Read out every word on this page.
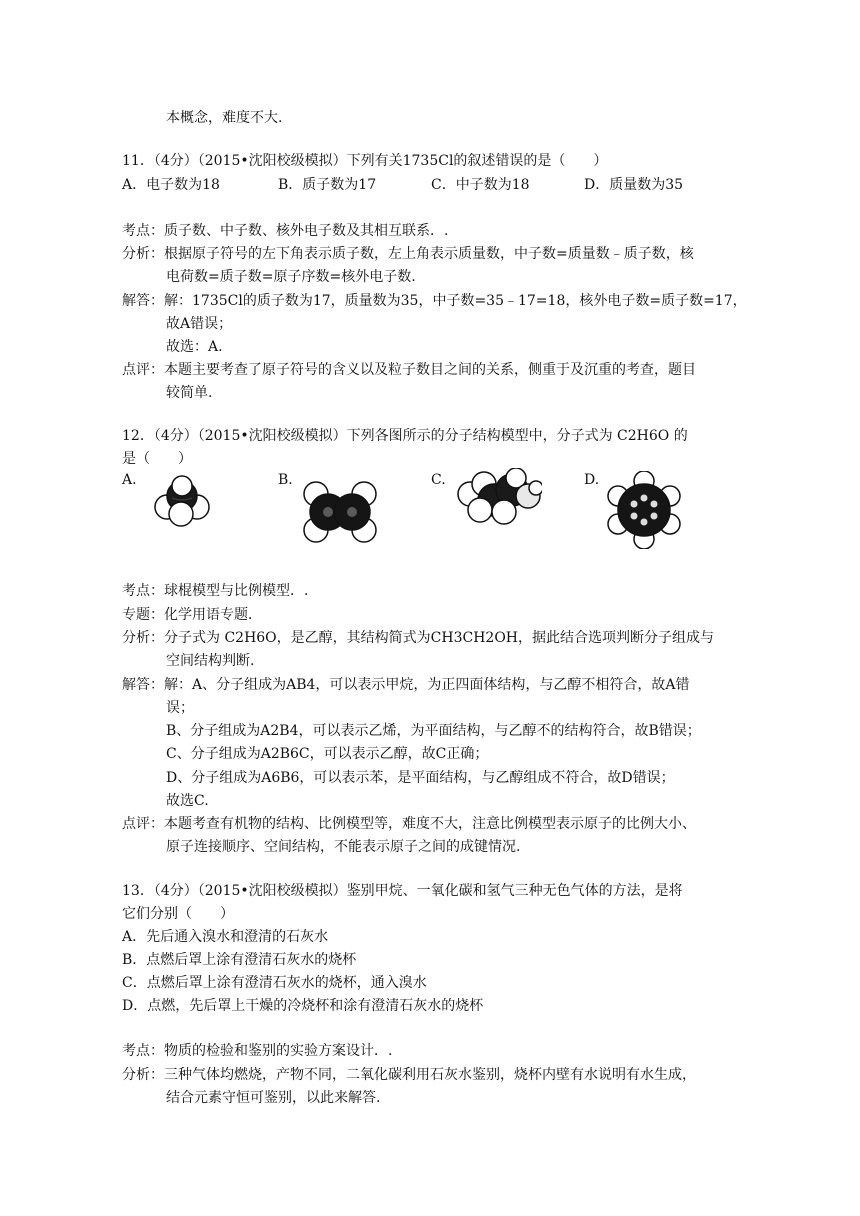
本概念，难度不大.
11．（4分）（2015•沈阳校级模拟）下列有关1735Cl的叙述错误的是（　　）
A．电子数为18	B．质子数为17	C．中子数为18	D．质量数为35
考点：质子数、中子数、核外电子数及其相互联系．.
分析：根据原子符号的左下角表示质子数，左上角表示质量数，中子数=质量数﹣质子数，核
电荷数=质子数=原子序数=核外电子数.
解答：解：1735Cl的质子数为17，质量数为35，中子数=35﹣17=18，核外电子数=质子数=17，
故A错误；
故选：A.
点评：本题主要考查了原子符号的含义以及粒子数目之间的关系，侧重于及沉重的考查，题目
较简单.
12．（4分）（2015•沈阳校级模拟）下列各图所示的分子结构模型中，分子式为 C2H6O 的
是（　　）
A.	B.	C.	D.
考点：球棍模型与比例模型．.
专题：化学用语专题．
分析：分子式为 C2H6O，是乙醇，其结构简式为CH3CH2OH，据此结合选项判断分子组成与
空间结构判断.
解答：解：A、分子组成为AB4，可以表示甲烷，为正四面体结构，与乙醇不相符合，故A错
误；
B、分子组成为A2B4，可以表示乙烯，为平面结构，与乙醇不的结构符合，故B错误；
C、分子组成为A2B6C，可以表示乙醇，故C正确；
D、分子组成为A6B6，可以表示苯，是平面结构，与乙醇组成不符合，故D错误；
故选C.
点评：本题考查有机物的结构、比例模型等，难度不大，注意比例模型表示原子的比例大小、
原子连接顺序、空间结构，不能表示原子之间的成键情况.
13．（4分）（2015•沈阳校级模拟）鉴别甲烷、一氧化碳和氢气三种无色气体的方法，是将
它们分别（　　）
A．先后通入溴水和澄清的石灰水
B．点燃后罩上涂有澄清石灰水的烧杯
C．点燃后罩上涂有澄清石灰水的烧杯，通入溴水
D．点燃，先后罩上干燥的冷烧杯和涂有澄清石灰水的烧杯
考点：物质的检验和鉴别的实验方案设计．.
分析：三种气体均燃烧，产物不同，二氧化碳利用石灰水鉴别，烧杯内壁有水说明有水生成，
结合元素守恒可鉴别，以此来解答.
